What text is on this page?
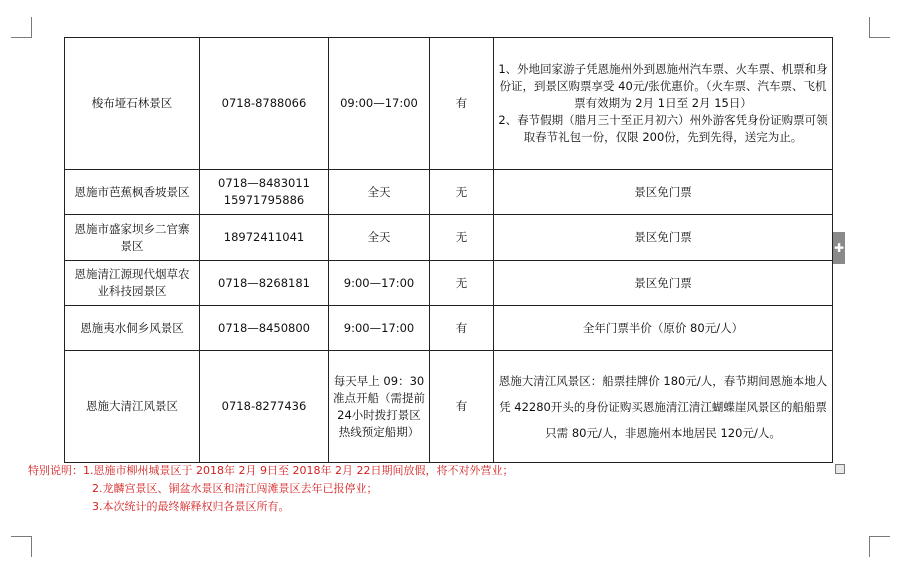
梭布垭石林景区	0718-8788066	09:00—17:00	有	1、外地回家游子凭恩施州外到恩施州汽车票、火车票、机票和身份证，到景区购票享受 40元/张优惠价。（火车票、汽车票、飞机票有效期为 2月 1日至 2月 15日）

2、春节假期（腊月三十至正月初六）州外游客凭身份证购票可领取春节礼包一份，仅限 200份，先到先得，送完为止。

恩施市芭蕉枫香坡景区	0718—8483011 15971795886	全天	无	景区免门票

恩施市盛家坝乡二官寨景区	18972411041	全天	无	景区免门票

恩施清江源现代烟草农业科技园景区	0718—8268181	9:00—17:00	无	景区免门票

恩施夷水侗乡风景区	0718—8450800	9:00—17:00	有	全年门票半价（原价 80元/人）

恩施大清江风景区	0718-8277436	每天早上 09：30准点开船（需提前 24小时拨打景区热线预定船期）	有	恩施大清江风景区：船票挂牌价 180元/人，春节期间恩施本地人凭 42280开头的身份证购买恩施清江清江蝴蝶崖风景区的船船票只需 80元/人，非恩施州本地居民 120元/人。

✚
特别说明：1.恩施市柳州城景区于 2018年 2月 9日至 2018年 2月 22日期间放假，将不对外营业；
2.龙麟宫景区、铜盆水景区和清江闯滩景区去年已报停业；
3.本次统计的最终解释权归各景区所有。
